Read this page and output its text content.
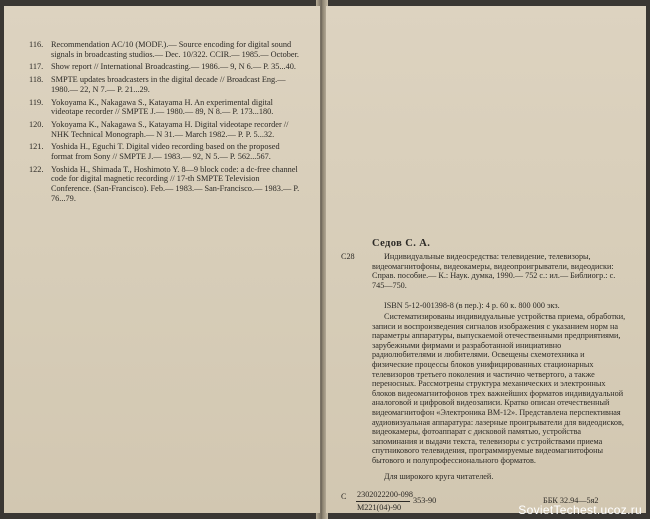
116. Recommendation AC/10 (MODF.).— Source encoding for digital sound signals in broadcasting studios.— Dec. 10/322. CCIR.— 1985.— October.
117. Show report // International Broadcasting.— 1986.— 9, N 6.— P. 35...40.
118. SMPTE updates broadcasters in the digital decade // Broadcast Eng.— 1980.— 22, N 7.— P. 21...29.
119. Yokoyama K., Nakagawa S., Katayama H. An experimental digital videotape recorder // SMPTE J.— 1980.— 89, N 8.— P. 173...180.
120. Yokoyama K., Nakagawa S., Katayama H. Digital videotape recorder // NHK Technical Monograph.— N 31.— March 1982.— P. P. 5...32.
121. Yoshida H., Eguchi T. Digital video recording based on the proposed format from Sony // SMPTE J.— 1983.— 92, N 5.— P. 562...567.
122. Yoshida H., Shimada T., Hoshimoto Y. 8—9 block code: a dc-free channel code for digital magnetic recording // 17-th SMPTE Television Conference. (San-Francisco). Feb.— 1983.— San-Francisco.— 1983.— P. 76...79.
Седов С. А.
С28	Индивидуальные видеосредства: телевидение, телевизоры, видеомагнитофоны, видеокамеры, видеопроигрыватели, видеодиски: Справ. пособие.— К.: Наук. думка, 1990.— 752 с.: ил.— Библиогр.: с. 745—750.
ISBN 5-12-001398-8 (в пер.): 4 р. 60 к. 800 000 экз.
Систематизированы индивидуальные устройства приема, обработки, записи и воспроизведения сигналов изображения с указанием норм на параметры аппаратуры, выпускаемой отечественными предприятиями, зарубежными фирмами и разработанной инициативно радиолюбителями и любителями. Освещены схемотехника и физические процессы блоков унифицированных стационарных телевизоров третьего поколения и частично четвертого, а также переносных. Рассмотрены структура механических и электронных блоков видеомагнитофонов трех важнейших форматов индивидуальной аналоговой и цифровой видеозаписи. Кратко описан отечественный видеомагнитофон «Электроника ВМ-12». Представлена перспективная аудиовизуальная аппаратура: лазерные проигрыватели для видеодисков, видеокамеры, фотоаппарат с дисковой памятью, устройства запоминания и выдачи текста, телевизоры с устройствами приема спутникового телевидения, программируемые видеомагнитофоны бытового и полупрофессионального форматов.
Для широкого круга читателей.
С 2302022200-098
М221(04)-90
353-90	ББК 32.94—5я2
SovietTechest.ucoz.ru
